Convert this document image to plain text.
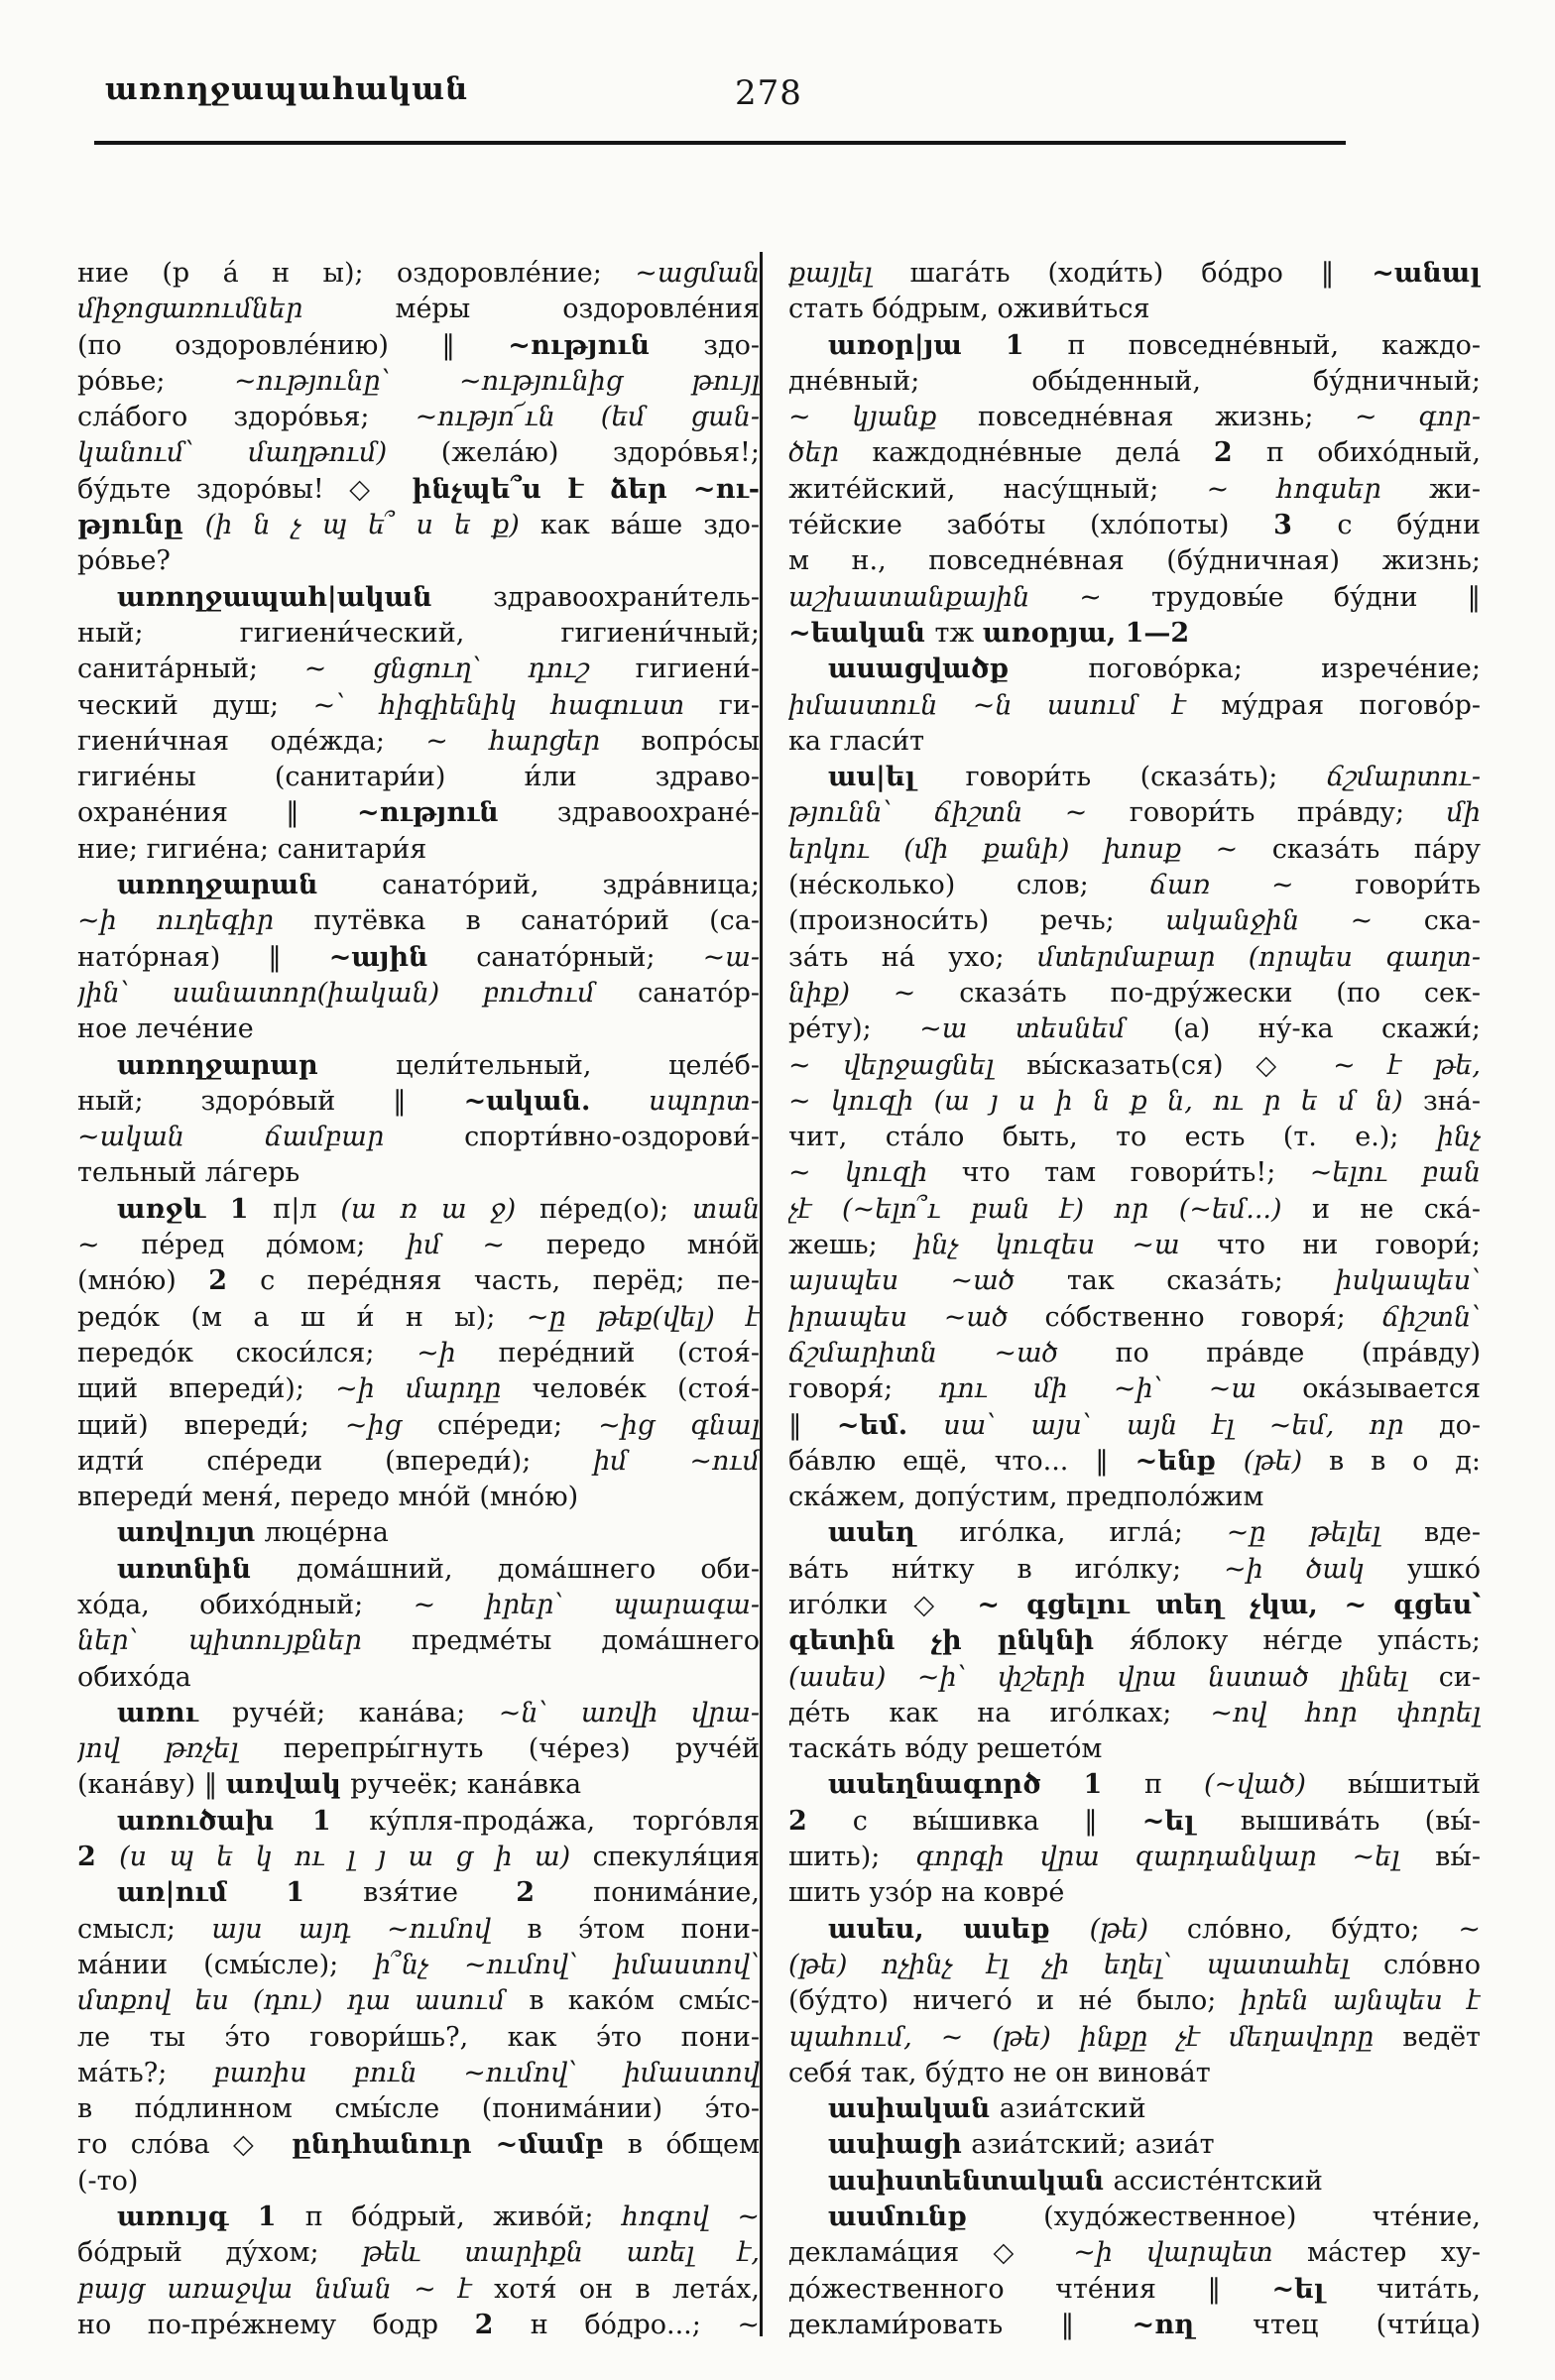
առողջապահական	278
ние (р а́ н ы); оздоровле́ние; ~ացման
միջոցառումներ ме́ры оздоровле́ния
(по оздоровле́нию) ‖ ~ություն здо-
ро́вье; ~ությունը՝ ~ությունից թույլ
сла́бого здоро́вья; ~ությո՜ւն (եմ ցան-
կանում՝ մաղթում) (жела́ю) здоро́вья!;
бу́дьте здоро́вы! ◇ ինչպե՞ս է ձեր ~ու-
թյունը (ի ն չ պ ե՞ ս ե ք) как ва́ше здо-
ро́вье?
առողջապահ|ական здравоохрани́тель-
ный; гигиени́ческий, гигиени́чный;
санита́рный; ~ ցնցուղ՝ դուշ гигиени́-
ческий душ; ~՝ հիգիենիկ հագուստ ги-
гиени́чная оде́жда; ~ հարցեր вопро́сы
гигие́ны (санитари́и) и́ли здраво-
охране́ния ‖ ~ություն здравоохране́-
ние; гигие́на; санитари́я
առողջարան санато́рий, здра́вница;
~ի ուղեգիր путёвка в санато́рий (са-
нато́рная) ‖ ~ային санато́рный; ~ա-
յին՝ սանատոր(իական) բուժում санато́р-
ное лече́ние
առողջարար цели́тельный, целе́б-
ный; здоро́вый ‖ ~ական. սպորտ-
~ական ճամբար спорти́вно-оздорови́-
тельный ла́герь
առջև 1 п|л (ա ռ ա ջ) пе́ред(о); տան
~ пе́ред до́мом; իմ ~ передо мно́й
(мно́ю) 2 с пере́дняя часть, перёд; пе-
редо́к (м а ш и́ н ы); ~ը թեք(վել) է
передо́к скоси́лся; ~ի пере́дний (стоя́-
щий впереди́); ~ի մարդը челове́к (стоя́-
щий) впереди́; ~ից спе́реди; ~ից գնալ
идти́ спе́реди (впереди́); իմ ~ում
впереди́ меня́, передо мно́й (мно́ю)
առվույտ люце́рна
առտնին дома́шний, дома́шнего оби-
хо́да, обихо́дный; ~ իրեր՝ պարագա-
ներ՝ պիտույքներ предме́ты дома́шнего
обихо́да
առու руче́й; кана́ва; ~ն՝ առվի վրա-
յով թռչել перепры́гнуть (че́рез) руче́й
(кана́ву) ‖ առվակ ручеёк; кана́вка
առուծախ 1 ку́пля-прода́жа, торго́вля
2 (ս պ ե կ ու լ յ ա ց ի ա) спекуля́ция
առ|ում 1 взя́тие 2 понима́ние,
смысл; այս այդ ~ումով в э́том пони-
ма́нии (смы́сле); ի՞նչ ~ումով՝ իմաստով՝
մտքով ես (դու) դա ասում в како́м смы́с-
ле ты э́то говори́шь?, как э́то пони-
ма́ть?; բառիս բուն ~ումով՝ իմաստով
в по́длинном смы́сле (понима́нии) э́то-
го сло́ва ◇ ընդհանուր ~մամբ в о́бщем
(-то)
առույգ 1 п бо́дрый, живо́й; հոգով ~
бо́дрый ду́хом; թեև տարիքն առել է,
բայց առաջվա նման ~ է хотя́ он в лета́х,
но по-пре́жнему бодр 2 н бо́дро...; ~
քայլել шага́ть (ходи́ть) бо́дро ‖ ~անալ
стать бо́дрым, оживи́ться
առօր|յա 1 п повседне́вный, каждо-
дне́вный; обы́денный, бу́дничный;
~ կյանք повседне́вная жизнь; ~ գոր-
ծեր каждодне́вные дела́ 2 п обихо́дный,
жите́йский, насу́щный; ~ հոգսեր жи-
те́йские забо́ты (хло́поты) 3 с бу́дни
м н., повседне́вная (бу́дничная) жизнь;
աշխատանքային ~ трудовы́е бу́дни ‖
~եական тж առօրյա, 1—2
ասացվածք погово́рка; изрече́ние;
իմաստուն ~ն ասում է му́драя погово́р-
ка гласи́т
աս|ել говори́ть (сказа́ть); ճշմարտու-
թյունն՝ ճիշտն ~ говори́ть пра́вду; մի
երկու (մի քանի) խոսք ~ сказа́ть па́ру
(не́сколько) слов; ճառ ~ говори́ть
(произноси́ть) речь; ականջին ~ ска-
за́ть на́ ухо; մտերմաբար (որպես գաղտ-
նիք) ~ сказа́ть по-дру́жески (по сек-
ре́ту); ~ա տեսնեմ (а) ну́-ка скажи́;
~ վերջացնել вы́сказать(ся) ◇ ~ է թե,
~ կուզի (ա յ ս ի ն ք ն, ու ր ե մ ն) зна́-
чит, ста́ло быть, то есть (т. е.); ինչ
~ կուզի что там говори́ть!; ~ելու բան
չէ (~ելո՞ւ բան է) որ (~եմ...) и не ска́-
жешь; ինչ կուզես ~ա что ни говори́;
այսպես ~ած так сказа́ть; իսկապես՝
իրապես ~ած со́бственно говоря́; ճիշտն՝
ճշմարիտն ~ած по пра́вде (пра́вду)
говоря́; դու մի ~ի՝ ~ա ока́зывается
‖ ~եմ. սա՝ այս՝ այն էլ ~եմ, որ до-
ба́влю ещё, что... ‖ ~ենք (թե) в в о д:
ска́жем, допу́стим, предполо́жим
ասեղ иго́лка, игла́; ~ը թելել вде-
ва́ть ни́тку в иго́лку; ~ի ծակ ушко́
иго́лки ◇ ~ գցելու տեղ չկա, ~ գցես՝
գետին չի ընկնի я́блоку не́где упа́сть;
(ասես) ~ի՝ փշերի վրա նստած լինել си-
де́ть как на иго́лках; ~ով հոր փորել
таска́ть во́ду решето́м
ասեղնագործ 1 п (~ված) вы́шитый
2 с вы́шивка ‖ ~ել вышива́ть (вы́-
шить); գորգի վրա զարդանկար ~ել вы́-
шить узо́р на ковре́
ասես, ասեք (թե) сло́вно, бу́дто; ~
(թե) ոչինչ էլ չի եղել՝ պատահել сло́вно
(бу́дто) ничего́ и не́ было; իրեն այնպես է
պահում, ~ (թե) ինքը չէ մեղավորը ведёт
себя́ так, бу́дто не он винова́т
ասիական азиа́тский
ասիացի азиа́тский; азиа́т
ասիստենտական ассисте́нтский
ասմունք (худо́жественное) чте́ние,
деклама́ция ◇ ~ի վարպետ ма́стер ху-
до́жественного чте́ния ‖ ~ել чита́ть,
деклами́ровать ‖ ~ող чтец (чти́ца)
